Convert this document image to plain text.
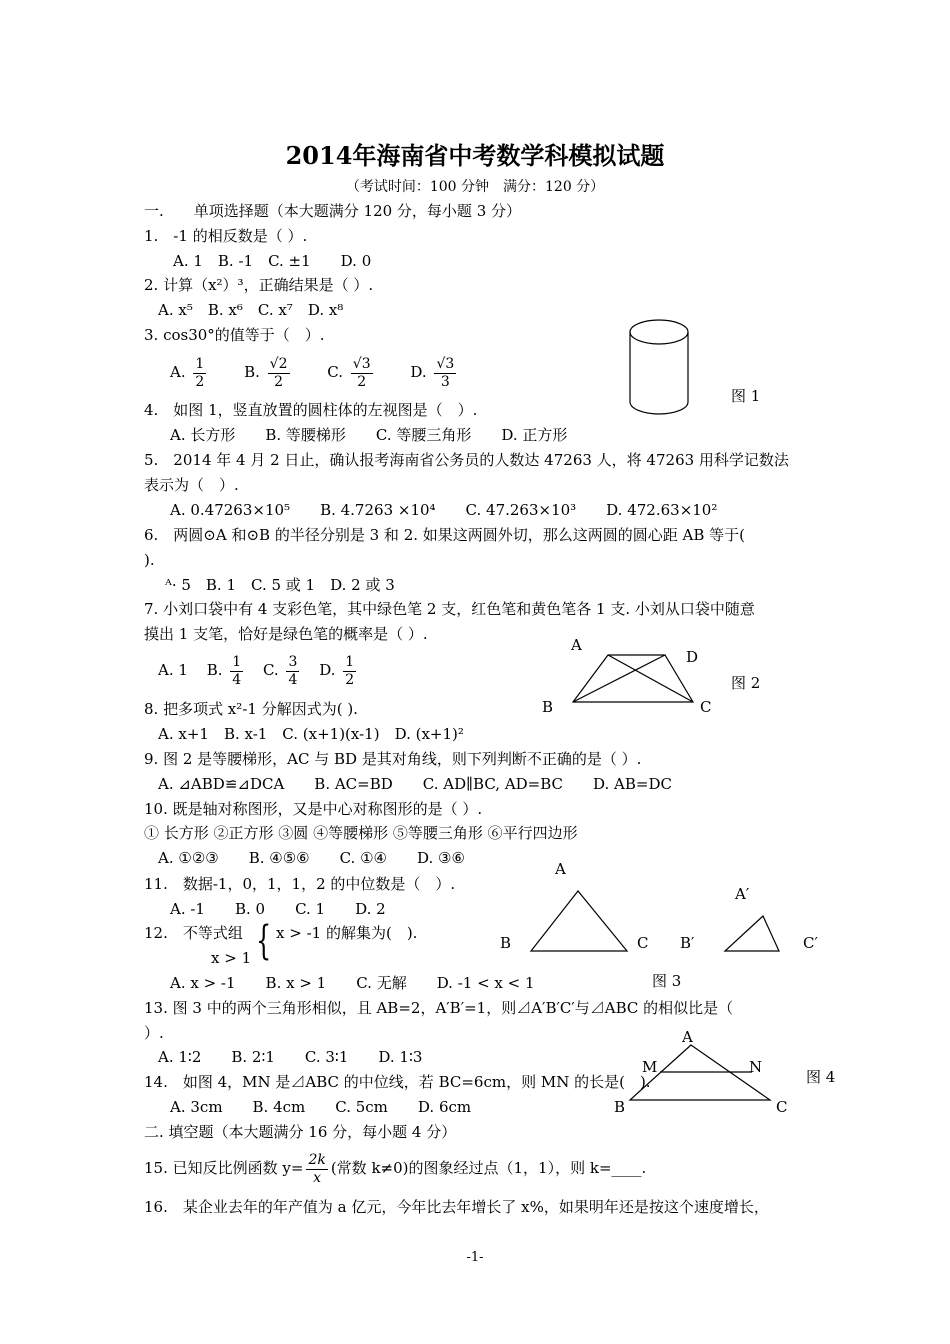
2014年海南省中考数学科模拟试题
（考试时间：100 分钟　满分：120 分）
一.　　单项选择题（本大题满分 120 分，每小题 3 分）
1.　-1 的相反数是（ ）.
A. 1　B. -1　C. ±1　　D. 0
2. 计算（x²）³，正确结果是（ ）.
A. x⁵　B. x⁶　C. x⁷　D. x⁸
3. cos30°的值等于（　）.
A. $\frac{1}{2}$	B. $\frac{√2}{2}$	C. $\frac{√3}{2}$	D. $\frac{√3}{3}$
图 1
4.　如图 1，竖直放置的圆柱体的左视图是（　）.
A. 长方形　　B. 等腰梯形　　C. 等腰三角形　　D. 正方形
5.　2014 年 4 月 2 日止，确认报考海南省公务员的人数达 47263 人，将 47263 用科学记数法
表示为（　）.
A. 0.47263×10⁵　　B. 4.7263 ×10⁴　　C. 47.263×10³　　D. 472.63×10²
6.　两圆⊙A 和⊙B 的半径分别是 3 和 2. 如果这两圆外切，那么这两圆的圆心距 AB 等于(
).
ᴬ· 5　B. 1　C. 5 或 1　D. 2 或 3
7. 小刘口袋中有 4 支彩色笔，其中绿色笔 2 支，红色笔和黄色笔各 1 支. 小刘从口袋中随意
摸出 1 支笔，恰好是绿色笔的概率是（ ）.
A. 1 B. $\frac{1}{4} C$. $\frac{3}{4} D$. $\frac{1}{2}$
A
D
B	C
图 2
8. 把多项式 x²-1 分解因式为( ).
A. x+1　B. x-1　C. (x+1)(x-1)　D. (x+1)²
9. 图 2 是等腰梯形，AC 与 BD 是其对角线，则下列判断不正确的是（ ）.
A. ⊿ABD≌⊿DCA　　B. AC=BD　　C. AD∥BC, AD=BC　　D. AB=DC
10. 既是轴对称图形，又是中心对称图形的是（ ）.
① 长方形 ②正方形 ③圆 ④等腰梯形 ⑤等腰三角形 ⑥平行四边形
A. ①②③　　B. ④⑤⑥　　C. ①④　　D. ③⑥
A
B	C
A′
B′	C′
图 3
11.　数据-1，0，1，1，2 的中位数是（　）.
A. -1　　B. 0　　C. 1　　D. 2
12.　不等式组 { x > -1 的解集为(　).
x > 1
A. x > -1　　B. x > 1　　C. 无解　　D. -1 < x < 1
13. 图 3 中的两个三角形相似，且 AB=2，A′B′=1，则⊿A′B′C′与⊿ABC 的相似比是（
）.
A. 1∶2　　B. 2∶1　　C. 3∶1　　D. 1∶3
A
M	N
B	C
图 4
14.　如图 4，MN 是⊿ABC 的中位线，若 BC=6cm，则 MN 的长是(　).
A. 3cm　　B. 4cm　　C. 5cm　　D. 6cm
二. 填空题（本大题满分 16 分，每小题 4 分）
15. 已知反比例函数 $y= \frac{2k}{x}$ (常数 k≠0)的图象经过点（1，1），则 k=____.
16.　某企业去年的年产值为 a 亿元，今年比去年增长了 x%，如果明年还是按这个速度增长，
-1-
